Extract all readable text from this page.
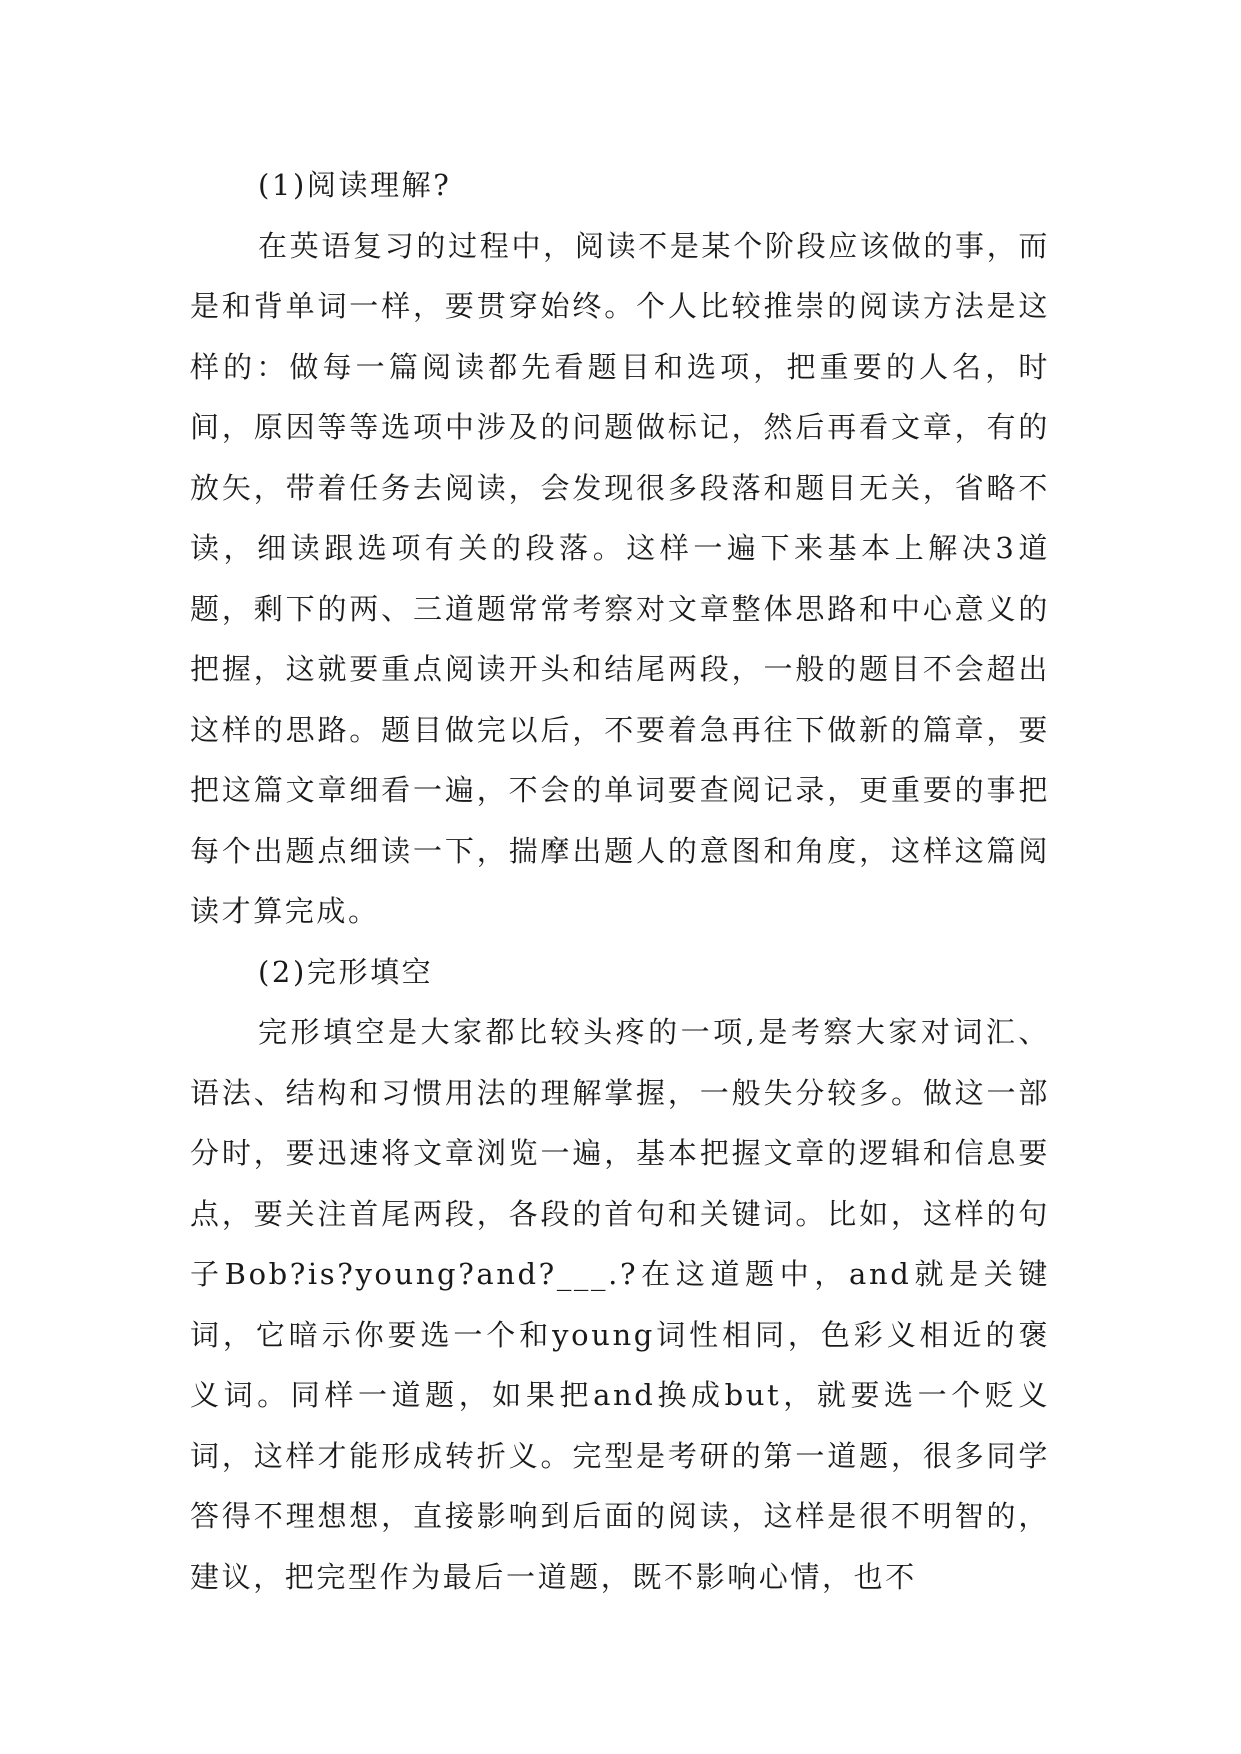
(1)阅读理解?

在英语复习的过程中，阅读不是某个阶段应该做的事，而是和背单词一样，要贯穿始终。个人比较推崇的阅读方法是这样的：做每一篇阅读都先看题目和选项，把重要的人名，时间，原因等等选项中涉及的问题做标记，然后再看文章，有的放矢，带着任务去阅读，会发现很多段落和题目无关，省略不读，细读跟选项有关的段落。这样一遍下来基本上解决3道题，剩下的两、三道题常常考察对文章整体思路和中心意义的把握，这就要重点阅读开头和结尾两段，一般的题目不会超出这样的思路。题目做完以后，不要着急再往下做新的篇章，要把这篇文章细看一遍，不会的单词要查阅记录，更重要的事把每个出题点细读一下，揣摩出题人的意图和角度，这样这篇阅读才算完成。

(2)完形填空

完形填空是大家都比较头疼的一项,是考察大家对词汇、语法、结构和习惯用法的理解掌握，一般失分较多。做这一部分时，要迅速将文章浏览一遍，基本把握文章的逻辑和信息要点，要关注首尾两段，各段的首句和关键词。比如，这样的句子Bob?is?young?and?___.?在这道题中，and就是关键词，它暗示你要选一个和young词性相同，色彩义相近的褒义词。同样一道题，如果把and换成but，就要选一个贬义词，这样才能形成转折义。完型是考研的第一道题，很多同学答得不理想想，直接影响到后面的阅读，这样是很不明智的，建议，把完型作为最后一道题，既不影响心情，也不
